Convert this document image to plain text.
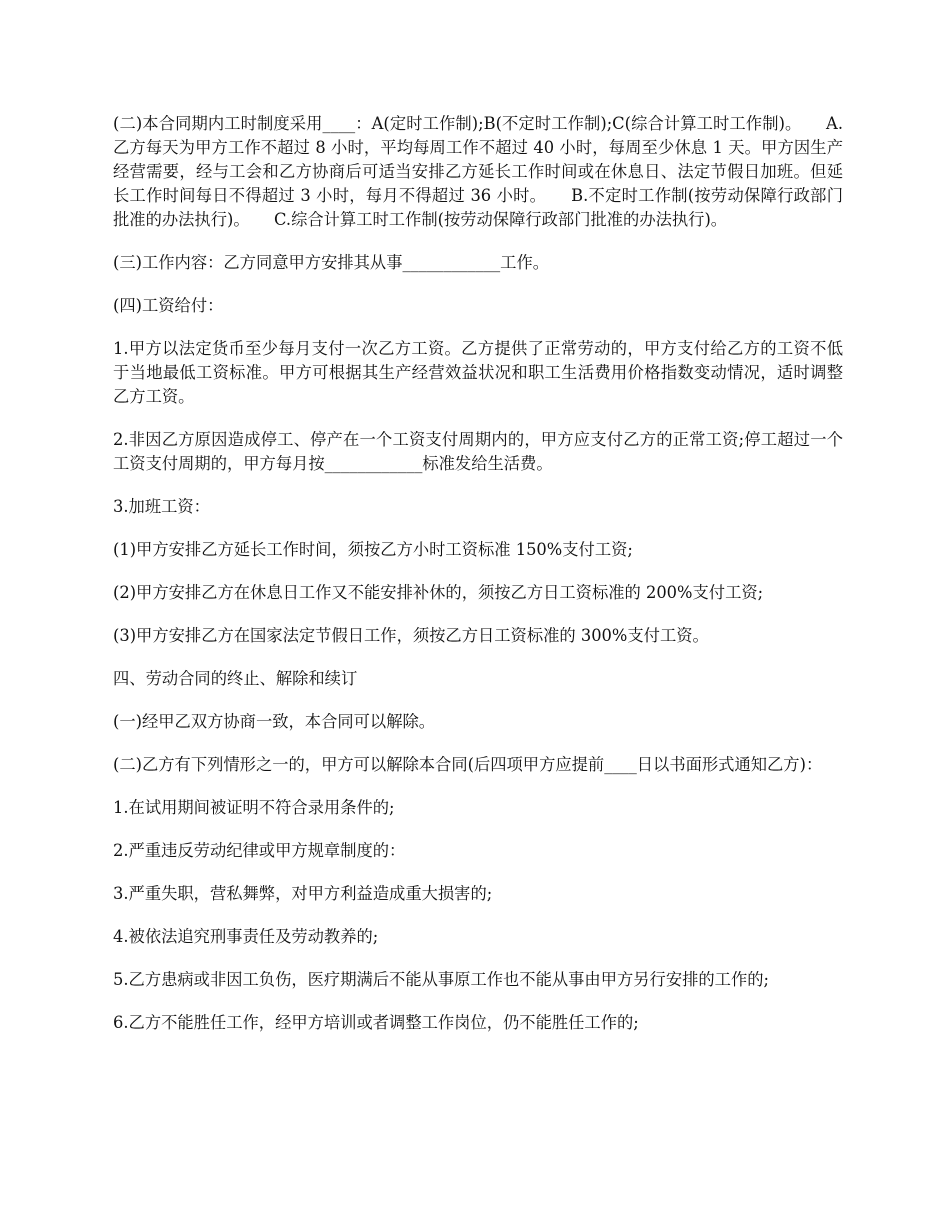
(二)本合同期内工时制度采用____：A(定时工作制);B(不定时工作制);C(综合计算工时工作制)。　　A.乙方每天为甲方工作不超过 8 小时，平均每周工作不超过 40 小时，每周至少休息 1 天。甲方因生产经营需要，经与工会和乙方协商后可适当安排乙方延长工作时间或在休息日、法定节假日加班。但延长工作时间每日不得超过 3 小时，每月不得超过 36 小时。　　B.不定时工作制(按劳动保障行政部门批准的办法执行)。　　C.综合计算工时工作制(按劳动保障行政部门批准的办法执行)。

(三)工作内容：乙方同意甲方安排其从事____________工作。

(四)工资给付：

1.甲方以法定货币至少每月支付一次乙方工资。乙方提供了正常劳动的，甲方支付给乙方的工资不低于当地最低工资标准。甲方可根据其生产经营效益状况和职工生活费用价格指数变动情况，适时调整乙方工资。

2.非因乙方原因造成停工、停产在一个工资支付周期内的，甲方应支付乙方的正常工资;停工超过一个工资支付周期的，甲方每月按____________标准发给生活费。

3.加班工资：

(1)甲方安排乙方延长工作时间，须按乙方小时工资标准 150%支付工资;

(2)甲方安排乙方在休息日工作又不能安排补休的，须按乙方日工资标准的 200%支付工资;

(3)甲方安排乙方在国家法定节假日工作，须按乙方日工资标准的 300%支付工资。

四、劳动合同的终止、解除和续订

(一)经甲乙双方协商一致，本合同可以解除。

(二)乙方有下列情形之一的，甲方可以解除本合同(后四项甲方应提前____日以书面形式通知乙方)：

1.在试用期间被证明不符合录用条件的;

2.严重违反劳动纪律或甲方规章制度的：

3.严重失职，营私舞弊，对甲方利益造成重大损害的;

4.被依法追究刑事责任及劳动教养的;

5.乙方患病或非因工负伤，医疗期满后不能从事原工作也不能从事由甲方另行安排的工作的;

6.乙方不能胜任工作，经甲方培训或者调整工作岗位，仍不能胜任工作的;
